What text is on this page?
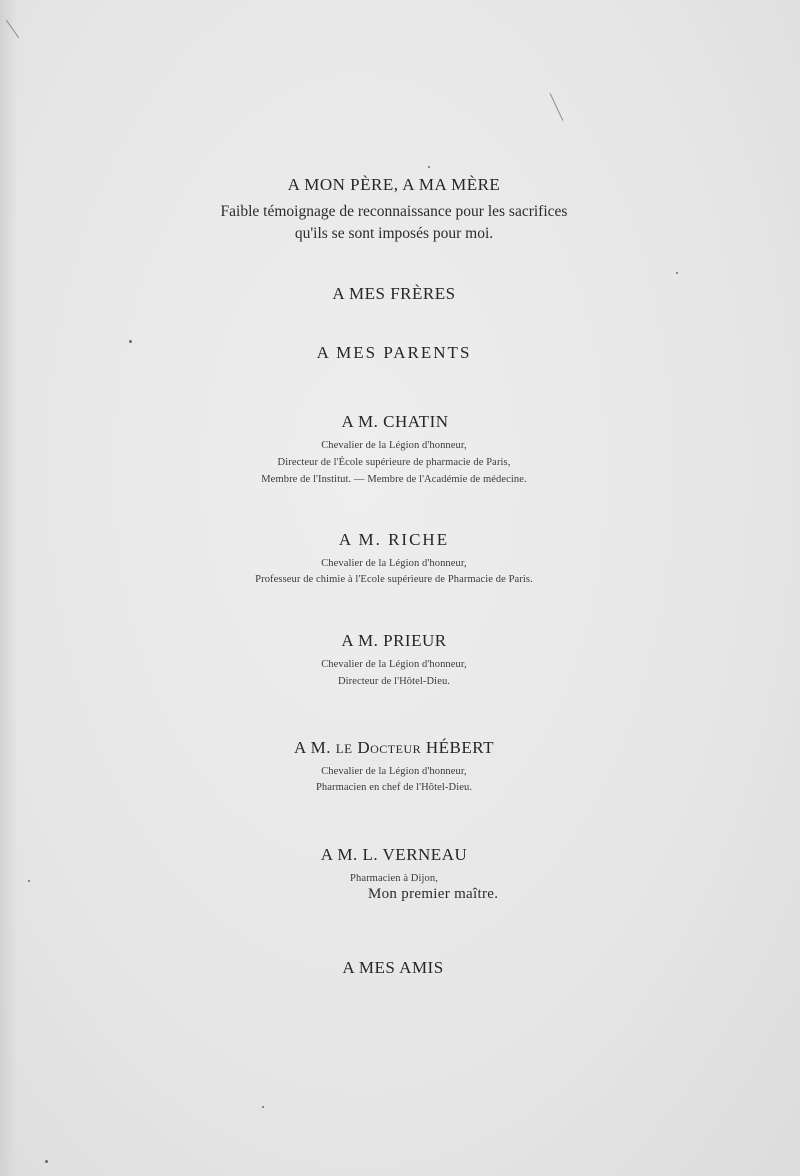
A MON PÈRE, A MA MÈRE
Faible témoignage de reconnaissance pour les sacrifices
qu'ils se sont imposés pour moi.
A MES FRÈRES
A MES PARENTS
A M. CHATIN
Chevalier de la Légion d'honneur,
Directeur de l'École supérieure de pharmacie de Paris,
Membre de l'Institut. — Membre de l'Académie de médecine.
A M. RICHE
Chevalier de la Légion d'honneur,
Professeur de chimie à l'Ecole supérieure de Pharmacie de Paris.
A M. PRIEUR
Chevalier de la Légion d'honneur,
Directeur de l'Hôtel-Dieu.
A M. LE Docteur HÉBERT
Chevalier de la Légion d'honneur,
Pharmacien en chef de l'Hôtel-Dieu.
A M. L. VERNEAU
Pharmacien à Dijon,
Mon premier maître.
A MES AMIS
